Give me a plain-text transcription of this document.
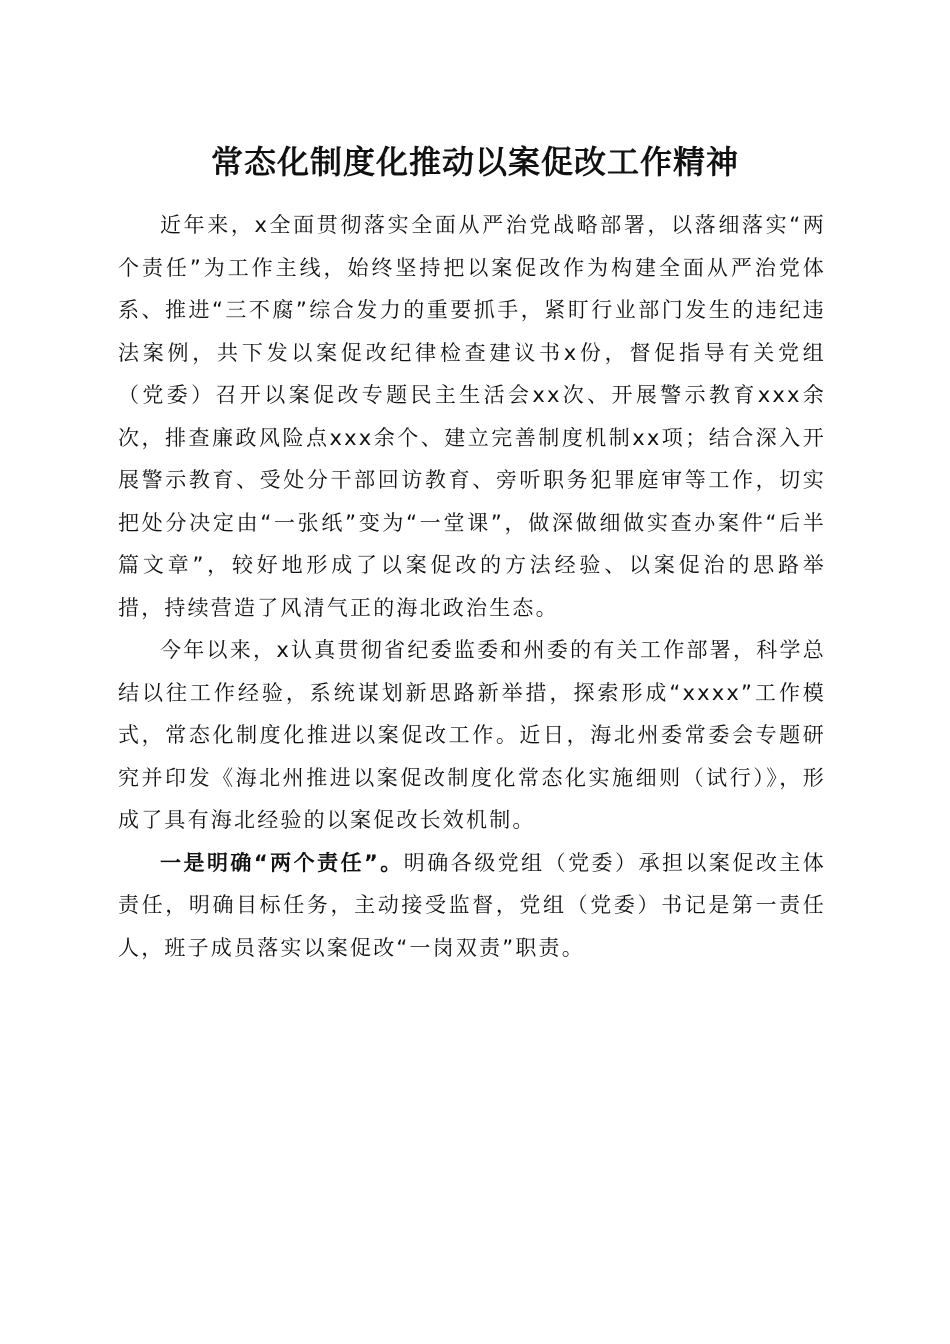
常态化制度化推动以案促改工作精神

近年来，x全面贯彻落实全面从严治党战略部署，以落细落实“两个责任”为工作主线，始终坚持把以案促改作为构建全面从严治党体系、推进“三不腐”综合发力的重要抓手，紧盯行业部门发生的违纪违法案例，共下发以案促改纪律检查建议书x份，督促指导有关党组（党委）召开以案促改专题民主生活会xx次、开展警示教育xxx余次，排查廉政风险点xxx余个、建立完善制度机制xx项；结合深入开展警示教育、受处分干部回访教育、旁听职务犯罪庭审等工作，切实把处分决定由“一张纸”变为“一堂课”，做深做细做实查办案件“后半篇文章”，较好地形成了以案促改的方法经验、以案促治的思路举措，持续营造了风清气正的海北政治生态。

今年以来，x认真贯彻省纪委监委和州委的有关工作部署，科学总结以往工作经验，系统谋划新思路新举措，探索形成“xxxx”工作模式，常态化制度化推进以案促改工作。近日，海北州委常委会专题研究并印发《海北州推进以案促改制度化常态化实施细则（试行）》，形成了具有海北经验的以案促改长效机制。

一是明确“两个责任”。明确各级党组（党委）承担以案促改主体责任，明确目标任务，主动接受监督，党组（党委）书记是第一责任人，班子成员落实以案促改“一岗双责”职责。
